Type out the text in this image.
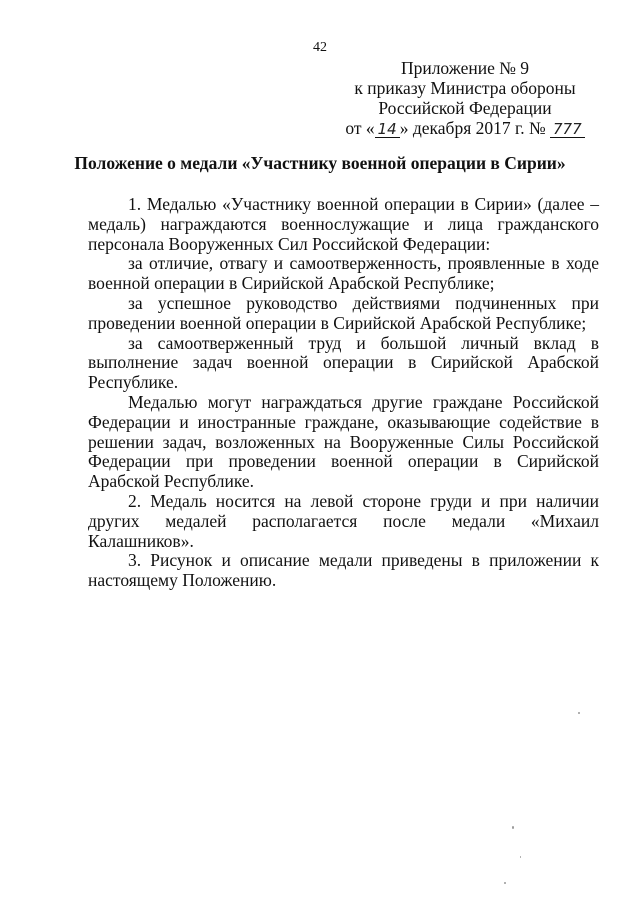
42
Приложение № 9
к приказу Министра обороны
Российской Федерации
от « 14 » декабря 2017 г. № 777
Положение о медали «Участнику военной операции в Сирии»

1. Медалью «Участнику военной операции в Сирии» (далее – медаль) награждаются военнослужащие и лица гражданского персонала Вооруженных Сил Российской Федерации:

за отличие, отвагу и самоотверженность, проявленные в ходе военной операции в Сирийской Арабской Республике;

за успешное руководство действиями подчиненных при проведении военной операции в Сирийской Арабской Республике;

за самоотверженный труд и большой личный вклад в выполнение задач военной операции в Сирийской Арабской Республике.

Медалью могут награждаться другие граждане Российской Федерации и иностранные граждане, оказывающие содействие в решении задач, возложенных на Вооруженные Силы Российской Федерации при проведении военной операции в Сирийской Арабской Республике.

2. Медаль носится на левой стороне груди и при наличии других медалей располагается после медали «Михаил Калашников».

3. Рисунок и описание медали приведены в приложении к настоящему Положению.
